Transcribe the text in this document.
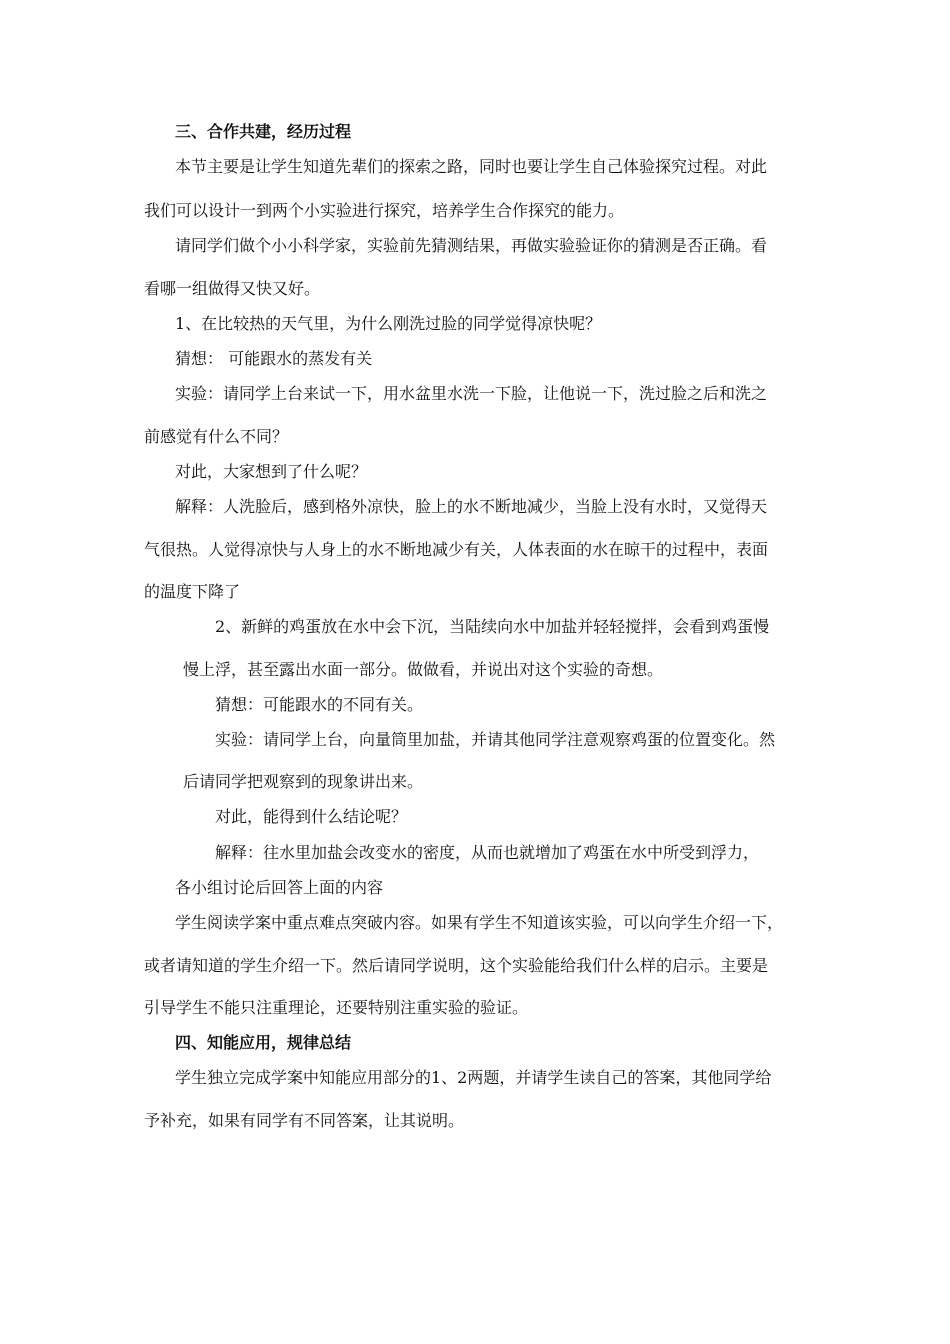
三、合作共建，经历过程
本节主要是让学生知道先辈们的探索之路，同时也要让学生自己体验探究过程。对此
我们可以设计一到两个小实验进行探究，培养学生合作探究的能力。
请同学们做个小小科学家，实验前先猜测结果，再做实验验证你的猜测是否正确。看
看哪一组做得又快又好。
1、在比较热的天气里，为什么刚洗过脸的同学觉得凉快呢？
猜想： 可能跟水的蒸发有关
实验：请同学上台来试一下，用水盆里水洗一下脸，让他说一下，洗过脸之后和洗之
前感觉有什么不同？
对此，大家想到了什么呢？
解释：人洗脸后，感到格外凉快，脸上的水不断地减少，当脸上没有水时，又觉得天
气很热。人觉得凉快与人身上的水不断地减少有关，人体表面的水在晾干的过程中，表面
的温度下降了
2、新鲜的鸡蛋放在水中会下沉，当陆续向水中加盐并轻轻搅拌，会看到鸡蛋慢
慢上浮，甚至露出水面一部分。做做看，并说出对这个实验的奇想。
猜想：可能跟水的不同有关。
实验：请同学上台，向量筒里加盐，并请其他同学注意观察鸡蛋的位置变化。然
后请同学把观察到的现象讲出来。
对此，能得到什么结论呢？
解释：往水里加盐会改变水的密度，从而也就增加了鸡蛋在水中所受到浮力，
各小组讨论后回答上面的内容
学生阅读学案中重点难点突破内容。如果有学生不知道该实验，可以向学生介绍一下，
或者请知道的学生介绍一下。然后请同学说明，这个实验能给我们什么样的启示。主要是
引导学生不能只注重理论，还要特别注重实验的验证。
四、知能应用，规律总结
学生独立完成学案中知能应用部分的1、2两题，并请学生读自己的答案，其他同学给
予补充，如果有同学有不同答案，让其说明。
